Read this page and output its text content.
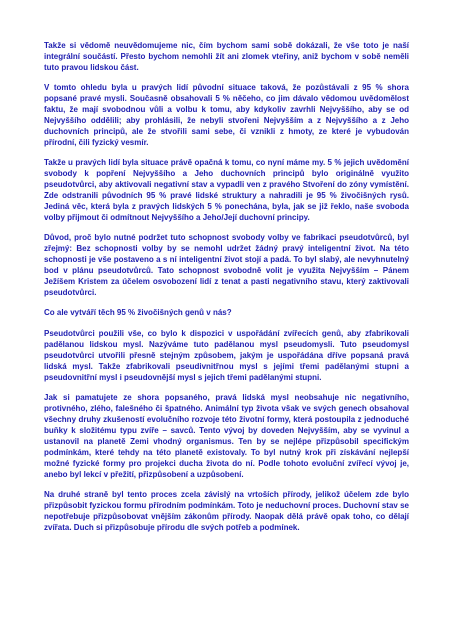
Takže si vědomě neuvědomujeme nic, čím bychom sami sobě dokázali, že vše toto je naší integrální součástí. Přesto bychom nemohli žít ani zlomek vteřiny, aniž bychom v sobě neměli tuto pravou lidskou část.

V tomto ohledu byla u pravých lidí původní situace taková, že pozůstávali z 95 % shora popsané pravé mysli. Současně obsahovali 5 % něčeho, co jim dávalo vědomou uvědomělost faktu, že mají svobodnou vůli a volbu k tomu, aby kdykoliv zavrhli Nejvyššího, aby se od Nejvyššího oddělili; aby prohlásili, že nebyli stvořeni Nejvyšším a z Nejvyššího a z Jeho duchovních principů, ale že stvořili sami sebe, či vznikli z hmoty, ze které je vybudován přírodní, čili fyzický vesmír.

Takže u pravých lidí byla situace právě opačná k tomu, co nyní máme my. 5 % jejich uvědomění svobody k popření Nejvyššího a Jeho duchovních principů bylo originálně využito pseudotvůrci, aby aktivovali negativní stav a vypadli ven z pravého Stvoření do zóny vymístění. Zde odstranili původních 95 % pravé lidské struktury a nahradili je 95 % živočišných rysů. Jediná věc, která byla z pravých lidských 5 % ponechána, byla, jak se již řeklo, naše svoboda volby přijmout či odmítnout Nejvyššího a Jeho/Její duchovní principy.

Důvod, proč bylo nutné podržet tuto schopnost svobody volby ve fabrikaci pseudotvůrců, byl zřejmý: Bez schopnosti volby by se nemohl udržet žádný pravý inteligentní život. Na této schopnosti je vše postaveno a s ní inteligentní život stojí a padá. To byl slabý, ale nevyhnutelný bod v plánu pseudotvůrců. Tato schopnost svobodně volit je využita Nejvyšším – Pánem Ježíšem Kristem za účelem osvobození lidí z tenat a pasti negativního stavu, který zaktivovali pseudotvůrci.

Co ale vytváří těch 95 % živočišných genů v nás?

Pseudotvůrci použili vše, co bylo k dispozici v uspořádání zvířecích genů, aby zfabrikovali padělanou lidskou mysl. Nazýváme tuto padělanou mysl pseudomysli. Tuto pseudomysl pseudotvůrci utvořili přesně stejným způsobem, jakým je uspořádána dříve popsaná pravá lidská mysl. Takže zfabrikovali pseudivnitřnou mysl s jejími třemi padělanými stupni a pseudovnitřní mysl i pseudovnější mysl s jejich třemi padělanými stupni.

Jak si pamatujete ze shora popsaného, pravá lidská mysl neobsahuje nic negativního, protivného, zlého, falešného či špatného. Animální typ života však ve svých genech obsahoval všechny druhy zkušeností evolučního rozvoje této životní formy, která postoupila z jednoduché buňky k složitému typu zvíře – savců. Tento vývoj by doveden Nejvyšším, aby se vyvinul a ustanovil na planetě Zemi vhodný organismus. Ten by se nejlépe přizpůsobil specifickým podmínkám, které tehdy na této planetě existovaly. To byl nutný krok při získávání nejlepší možné fyzické formy pro projekci ducha života do ní. Podle tohoto evoluční zvířecí vývoj je, anebo byl lekcí v přežití, přizpůsobení a uzpůsobení.

Na druhé straně byl tento proces zcela závislý na vrtoších přírody, jelikož účelem zde bylo přizpůsobit fyzickou formu přírodním podmínkám. Toto je neduchovní proces. Duchovní stav se nepotřebuje přizpůsobovat vnějším zákonům přírody. Naopak dělá právě opak toho, co dělají zvířata. Duch si přizpůsobuje přírodu dle svých potřeb a podmínek.
